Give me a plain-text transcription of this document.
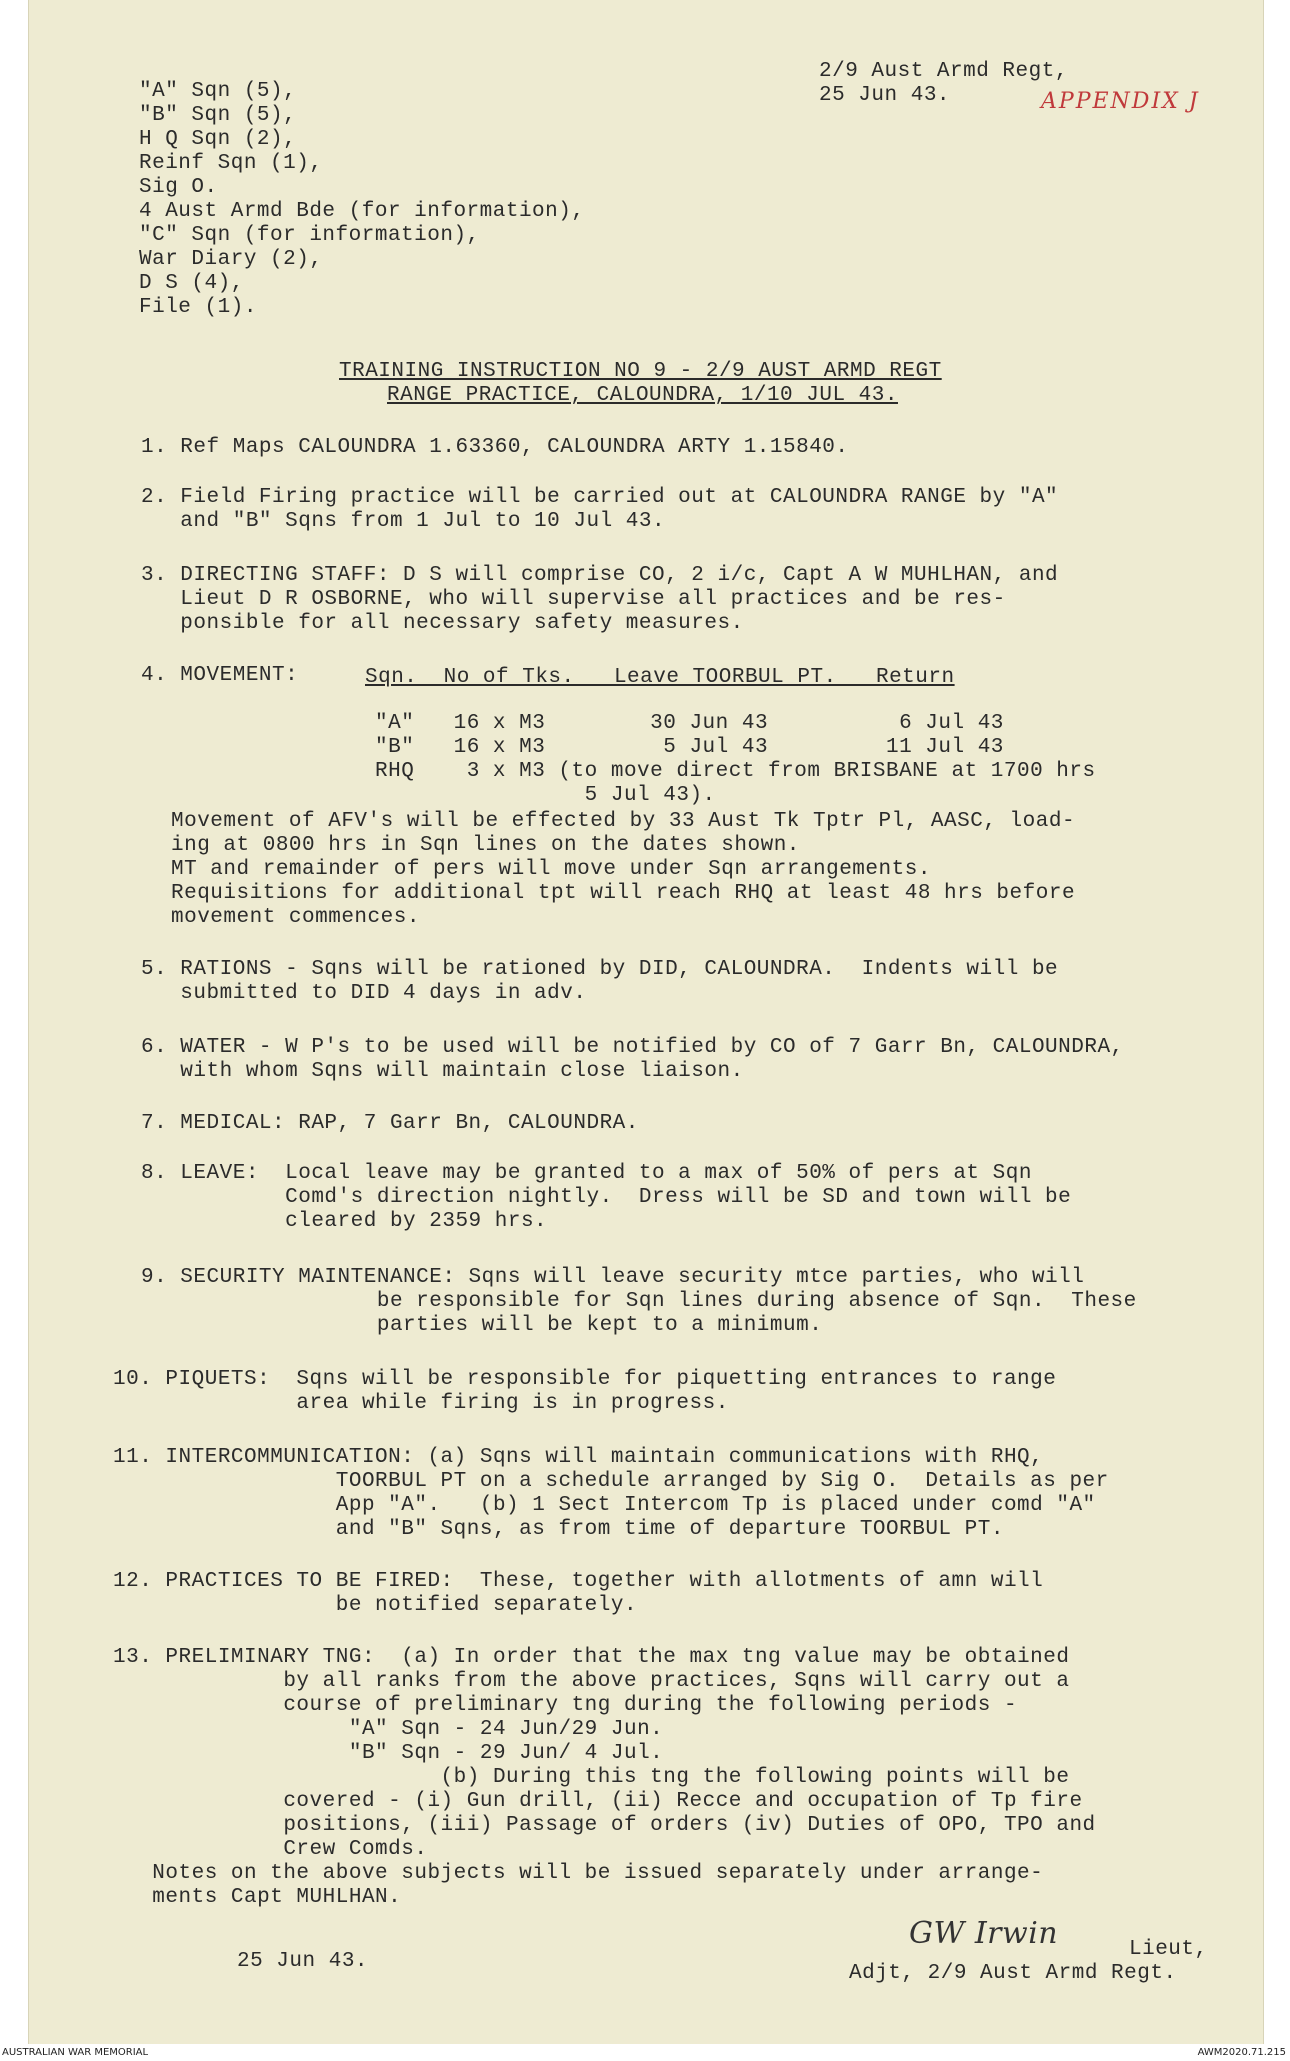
2/9 Aust Armd Regt,
25 Jun 43.	APPENDIX J
"A" Sqn (5),
"B" Sqn (5),
H Q Sqn (2),
Reinf Sqn (1),
Sig O.
4 Aust Armd Bde (for information),
"C" Sqn (for information),
War Diary (2),
D S (4),
File (1).
TRAINING INSTRUCTION NO 9 - 2/9 AUST ARMD REGT
RANGE PRACTICE, CALOUNDRA, 1/10 JUL 43.
1. Ref Maps CALOUNDRA 1.63360, CALOUNDRA ARTY 1.15840.
2. Field Firing practice will be carried out at CALOUNDRA RANGE by "A"
and "B" Sqns from 1 Jul to 10 Jul 43.
3. DIRECTING STAFF: D S will comprise CO, 2 i/c, Capt A W MUHLHAN, and
Lieut D R OSBORNE, who will supervise all practices and be res-
ponsible for all necessary safety measures.
4. MOVEMENT:	Sqn.  No of Tks.   Leave TOORBUL PT.   Return
"A"   16 x M3        30 Jun 43          6 Jul 43
"B"   16 x M3         5 Jul 43         11 Jul 43
RHQ    3 x M3 (to move direct from BRISBANE at 1700 hrs
5 Jul 43).
Movement of AFV's will be effected by 33 Aust Tk Tptr Pl, AASC, load-
ing at 0800 hrs in Sqn lines on the dates shown.
MT and remainder of pers will move under Sqn arrangements.
Requisitions for additional tpt will reach RHQ at least 48 hrs before
movement commences.
5. RATIONS - Sqns will be rationed by DID, CALOUNDRA.  Indents will be
submitted to DID 4 days in adv.
6. WATER - W P's to be used will be notified by CO of 7 Garr Bn, CALOUNDRA,
with whom Sqns will maintain close liaison.
7. MEDICAL: RAP, 7 Garr Bn, CALOUNDRA.
8. LEAVE:  Local leave may be granted to a max of 50% of pers at Sqn
Comd's direction nightly.  Dress will be SD and town will be
cleared by 2359 hrs.
9. SECURITY MAINTENANCE: Sqns will leave security mtce parties, who will
be responsible for Sqn lines during absence of Sqn.  These
parties will be kept to a minimum.
10. PIQUETS:  Sqns will be responsible for piquetting entrances to range
area while firing is in progress.
11. INTERCOMMUNICATION: (a) Sqns will maintain communications with RHQ,
TOORBUL PT on a schedule arranged by Sig O.  Details as per
App "A".   (b) 1 Sect Intercom Tp is placed under comd "A"
and "B" Sqns, as from time of departure TOORBUL PT.
12. PRACTICES TO BE FIRED:  These, together with allotments of amn will
be notified separately.
13. PRELIMINARY TNG:  (a) In order that the max tng value may be obtained
by all ranks from the above practices, Sqns will carry out a
course of preliminary tng during the following periods -
"A" Sqn - 24 Jun/29 Jun.
"B" Sqn - 29 Jun/ 4 Jul.
(b) During this tng the following points will be
covered - (i) Gun drill, (ii) Recce and occupation of Tp fire
positions, (iii) Passage of orders (iv) Duties of OPO, TPO and
Crew Comds.
Notes on the above subjects will be issued separately under arrange-
ments Capt MUHLHAN.
25 Jun 43.
GW Irwin	Lieut,
Adjt, 2/9 Aust Armd Regt.
AUSTRALIAN WAR MEMORIAL	AWM2020.71.215
